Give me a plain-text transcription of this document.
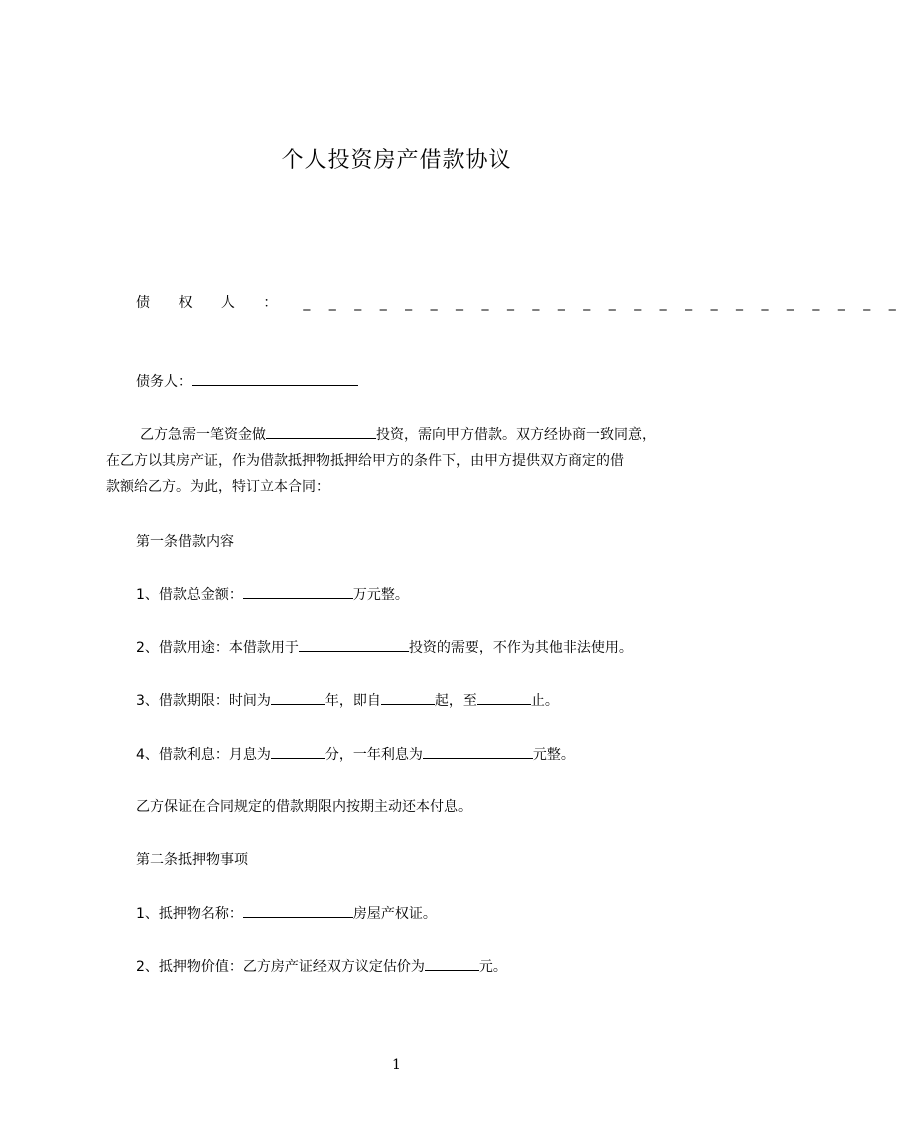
个人投资房产借款协议
债 权 人 ： _ _ _ _ _ _ _ _ _ _ _ _ _ _ _ _ _ _ _ _ _ _ _ _
债务人：
乙方急需一笔资金做	投资，需向甲方借款。双方经协商一致同意，
在乙方以其房产证，作为借款抵押物抵押给甲方的条件下，由甲方提供双方商定的借
款额给乙方。为此，特订立本合同：
第一条借款内容
1、借款总金额：	万元整。
2、借款用途：本借款用于	投资的需要，不作为其他非法使用。
3、借款期限：时间为	年，即自	起，至	止。
4、借款利息：月息为	分，一年利息为	元整。
乙方保证在合同规定的借款期限内按期主动还本付息。
第二条抵押物事项
1、抵押物名称：	房屋产权证。
2、抵押物价值：乙方房产证经双方议定估价为	元。
1
